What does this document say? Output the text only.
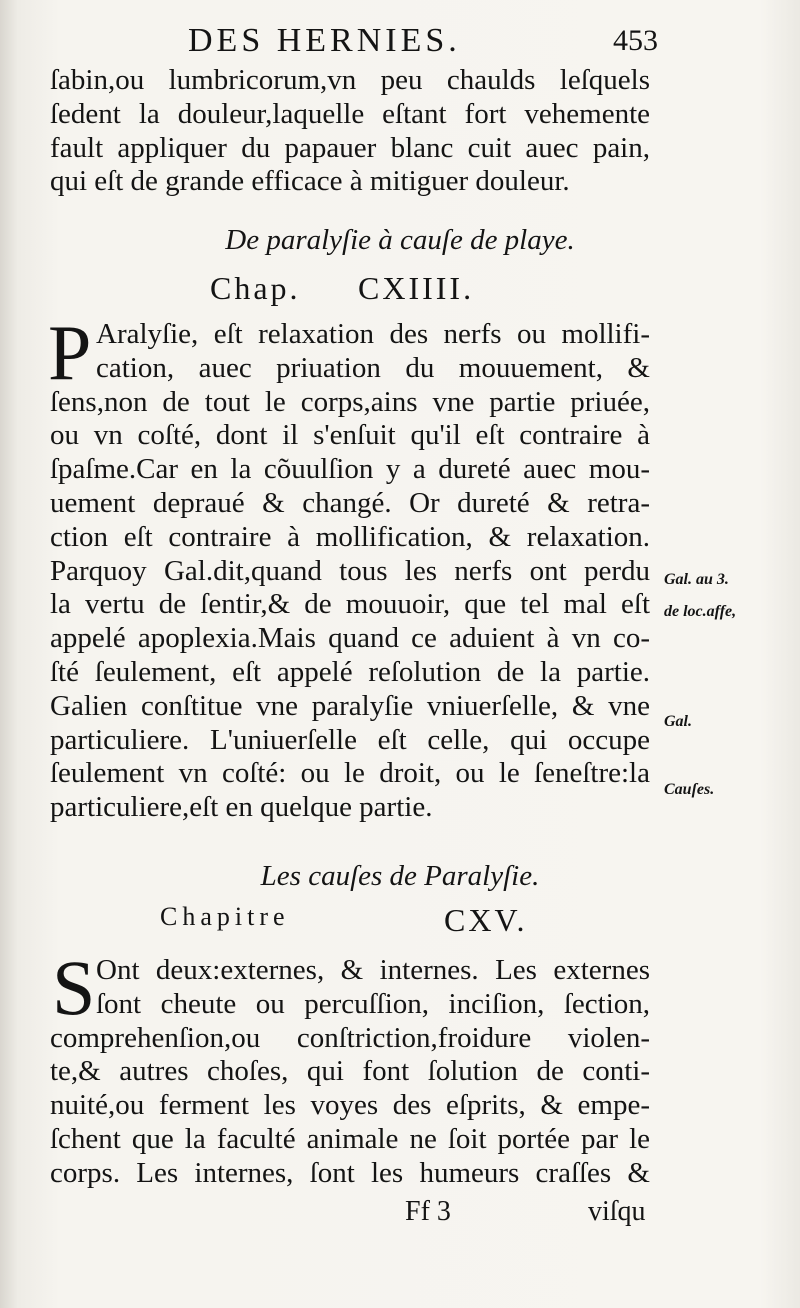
DES HERNIES.	453
ſabin,ou lumbricorum,vn peu chaulds leſquels
ſedent la douleur,laquelle eſtant fort vehemente
fault appliquer du papauer blanc cuit auec pain,
qui eſt de grande efficace à mitiguer douleur.
De paralyſie à cauſe de playe.
Chap. CXIIII.
P Aralyſie, eſt relaxation des nerfs ou mollifi-
cation, auec priuation du mouuement, &
ſens,non de tout le corps,ains vne partie priuée,
ou vn coſté, dont il s'enſuit qu'il eſt contraire à
ſpaſme.Car en la cõuulſion y a dureté auec mou-
uement depraué & changé. Or dureté & retra-
ction eſt contraire à mollification, & relaxation.
Parquoy Gal.dit,quand tous les nerfs ont perdu
la vertu de ſentir,& de mouuoir, que tel mal eſt
appelé apoplexia.Mais quand ce aduient à vn co-
ſté ſeulement, eſt appelé reſolution de la partie.
Galien conſtitue vne paralyſie vniuerſelle, & vne
particuliere. L'uniuerſelle eſt celle, qui occupe
ſeulement vn coſté: ou le droit, ou le ſeneſtre:la
particuliere,eſt en quelque partie.
Gal. au 3.
de loc.affe,
Gal.
Cauſes.
Les cauſes de Paralyſie.
Chapitre	CXV.
S Ont deux:externes, & internes. Les externes
ſont cheute ou percuſſion, inciſion, ſection,
comprehenſion,ou conſtriction,froidure violen-
te,& autres choſes, qui font ſolution de conti-
nuité,ou ferment les voyes des eſprits, & empe-
ſchent que la faculté animale ne ſoit portée par le
corps. Les internes, ſont les humeurs craſſes &
Ff 3	viſqu
